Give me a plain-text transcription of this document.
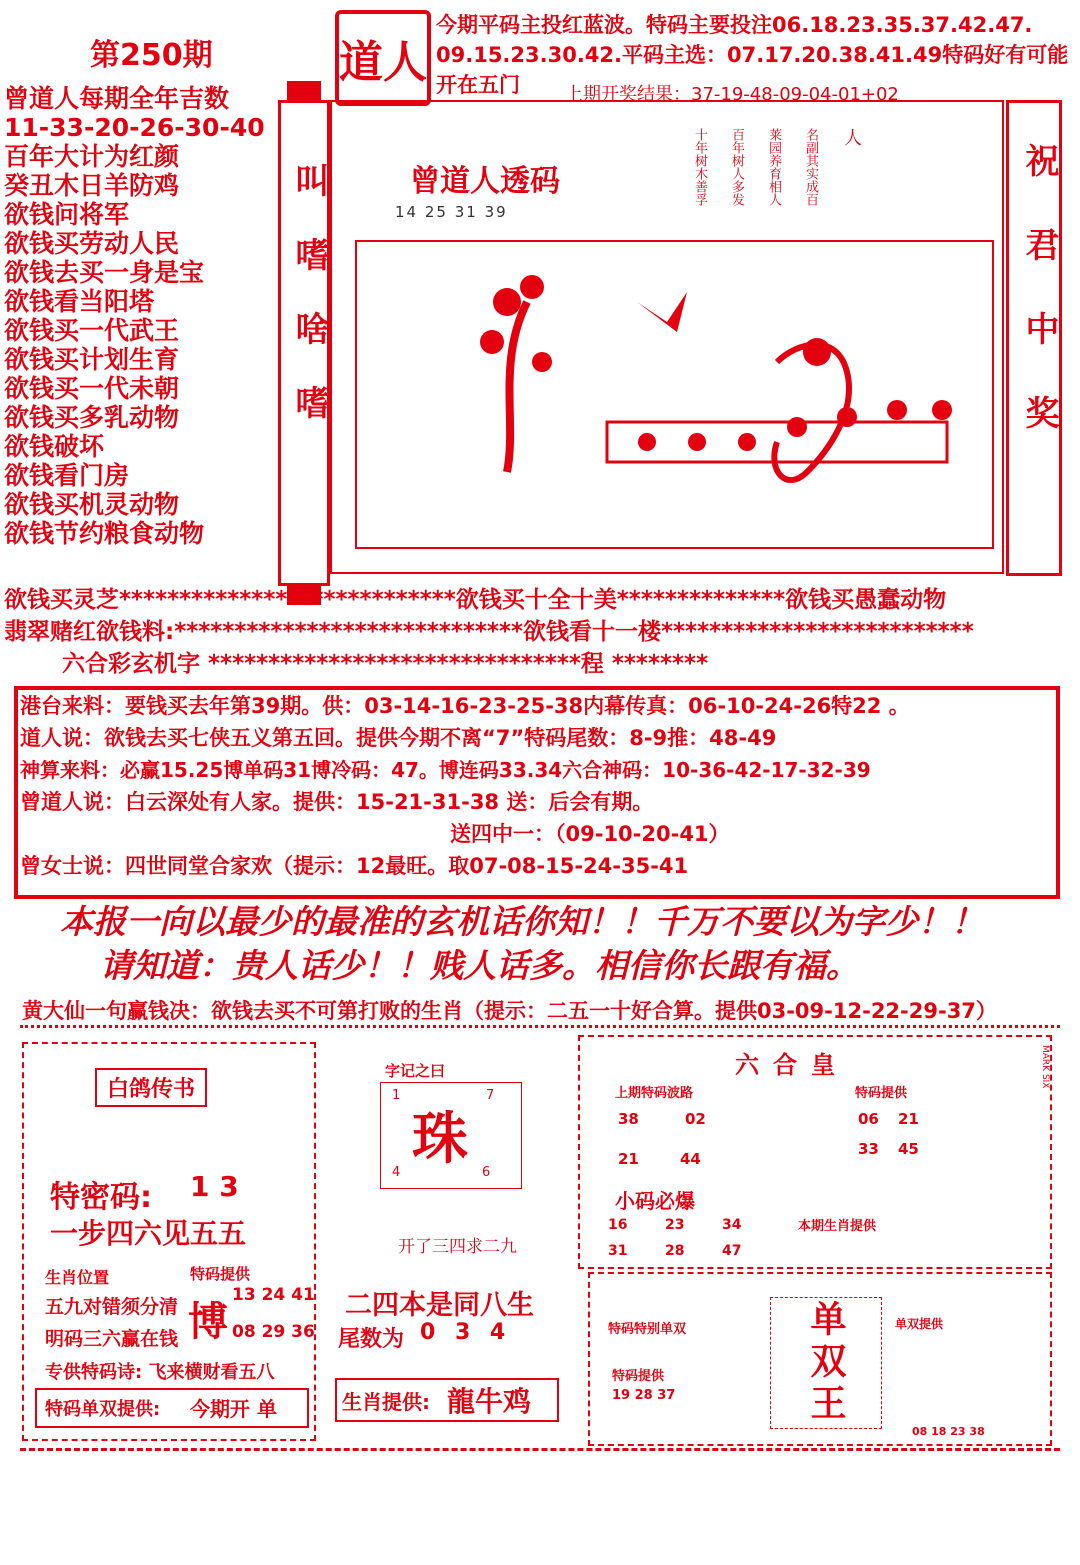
第250期	道人
今期平码主投红蓝波。特码主要投注06.18.23.35.37.42.47.
09.15.23.30.42.平码主选：07.17.20.38.41.49特码好有可能
开在五门	上期开奖结果：37-19-48-09-04-01+02
曾道人每期全年吉数
11-33-20-26-30-40
百年大计为红颜
癸丑木日羊防鸡
欲钱问将军
欲钱买劳动人民
欲钱去买一身是宝
欲钱看当阳塔
欲钱买一代武王
欲钱买计划生育
欲钱买一代未朝
欲钱买多乳动物
欲钱破坏
欲钱看门房
欲钱买机灵动物
欲钱节约粮食动物
叫嗜啥嗜	曾道人透码
14 25 31 39
十年树木善孚 百年树人多发 莱园养育相人 名副其实成百 人
祝君中奖
欲钱买灵芝****************************欲钱买十全十美**************欲钱买愚蠢动物
翡翠赌红欲钱料:*****************************欲钱看十一楼**************************
六合彩玄机字 *******************************程 ********
港台来料：要钱买去年第39期。供：03-14-16-23-25-38内幕传真：06-10-24-26特22 。
道人说：欲钱去买七侠五义第五回。提供今期不离“7”特码尾数：8-9推：48-49
神算来料：必赢15.25博单码31博冷码：47。博连码33.34六合神码：10-36-42-17-32-39
曾道人说：白云深处有人家。提供：15-21-31-38 送：后会有期。
送四中一：（09-10-20-41）
曾女士说：四世同堂合家欢（提示：12最旺。取07-08-15-24-35-41
本报一向以最少的最准的玄机话你知！！千万不要以为字少！！
请知道：贵人话少！！贱人话多。相信你长跟有福。
黄大仙一句赢钱决：欲钱去买不可第打败的生肖（提示：二五一十好合算。提供03-09-12-22-29-37）
白鸽传书
特密码: 1 3
一步四六见五五
生肖位置
五九对错须分清
明码三六赢在钱
特码提供
博
13 24 41
08 29 36
专供特码诗: 飞来横财看五八
特码单双提供: 今期开 单
字记之曰
珠
1	7
4	6
开了三四求二九
二四本是同八生
尾数为 0 3 4
生肖提供: 龍牛鸡
六合皇
上期特码波路
38	02
21	44
特码提供
06 21
33 45
小码必爆
16	23	34
31	28	47
本期生肖提供
MARK SIX
特码特别单双
特码提供
19 28 37	单双王	单双提供
08 18 23 38
